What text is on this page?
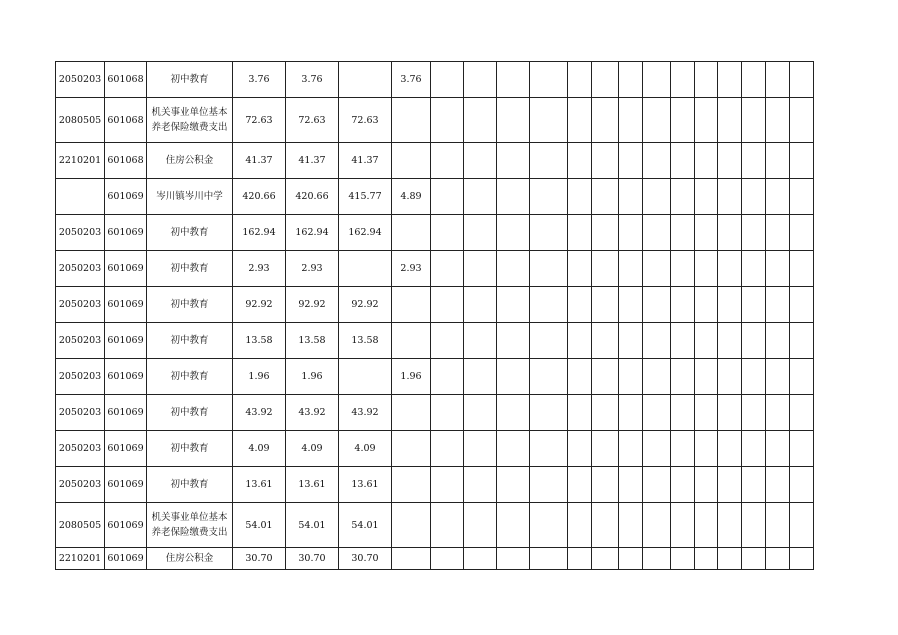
2050203	601068	初中教育	3.76	3.76		3.76														
2080505	601068	机关事业单位基本养老保险缴费支出	72.63	72.63	72.63															
2210201	601068	住房公积金	41.37	41.37	41.37															
	601069	岑川镇岑川中学	420.66	420.66	415.77	4.89														
2050203	601069	初中教育	162.94	162.94	162.94															
2050203	601069	初中教育	2.93	2.93		2.93														
2050203	601069	初中教育	92.92	92.92	92.92															
2050203	601069	初中教育	13.58	13.58	13.58															
2050203	601069	初中教育	1.96	1.96		1.96														
2050203	601069	初中教育	43.92	43.92	43.92															
2050203	601069	初中教育	4.09	4.09	4.09															
2050203	601069	初中教育	13.61	13.61	13.61															
2080505	601069	机关事业单位基本养老保险缴费支出	54.01	54.01	54.01															
2210201	601069	住房公积金	30.70	30.70	30.70															
